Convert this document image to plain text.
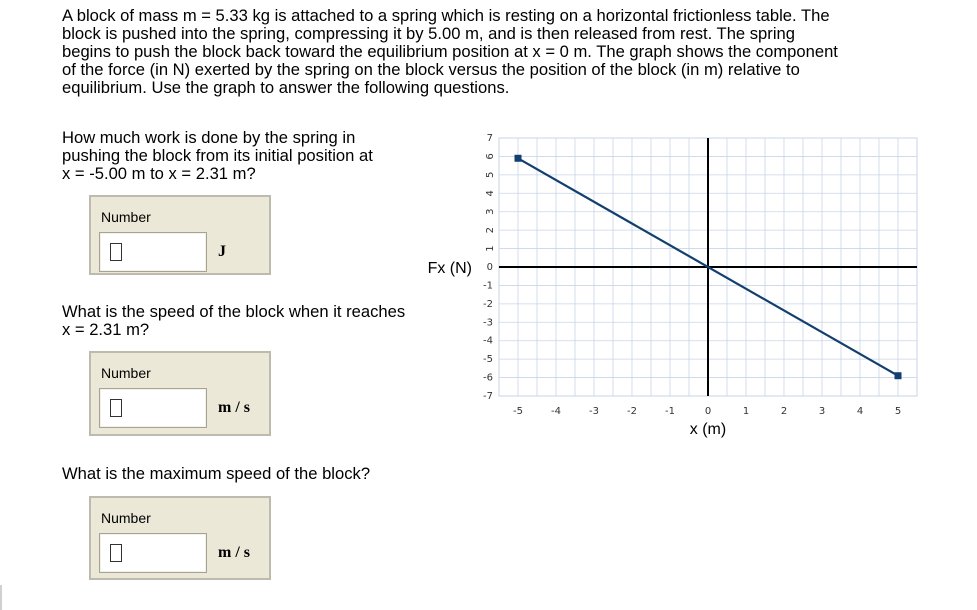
A block of mass m = 5.33 kg is attached to a spring which is resting on a horizontal frictionless table. The
block is pushed into the spring, compressing it by 5.00 m, and is then released from rest. The spring
begins to push the block back toward the equilibrium position at x = 0 m. The graph shows the component
of the force (in N) exerted by the spring on the block versus the position of the block (in m) relative to
equilibrium. Use the graph to answer the following questions.
How much work is done by the spring in
pushing the block from its initial position at
x = -5.00 m to x = 2.31 m?
Number
J
What is the speed of the block when it reaches
x = 2.31 m?
Number
m / s
What is the maximum speed of the block?
Number
m / s
7
6
5
4
3
2
1
0
-1
-2
-3
-4
-5
-6
-7
-5	-4	-3	-2	-1	0	1	2	3	4	5
Fx (N)
x (m)
